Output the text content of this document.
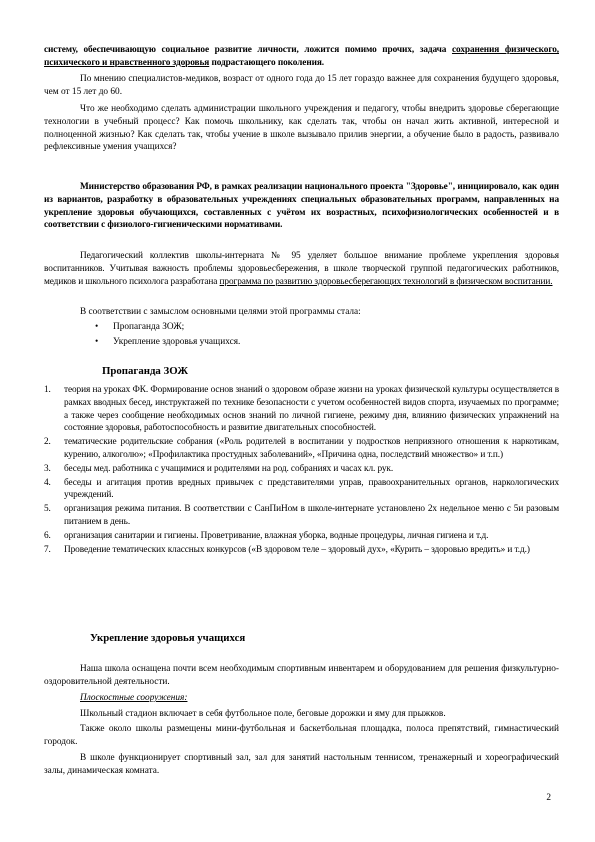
систему, обеспечивающую социальное развитие личности, ложится помимо прочих, задача сохранения физического, психического и нравственного здоровья подрастающего поколения.
По мнению специалистов-медиков, возраст от одного года до 15 лет гораздо важнее для сохранения будущего здоровья, чем от 15 лет до 60.
Что же необходимо сделать администрации школьного учреждения и педагогу, чтобы внедрить здоровье сберегающие технологии в учебный процесс? Как помочь школьнику, как сделать так, чтобы он начал жить активной, интересной и полноценной жизнью? Как сделать так, чтобы учение в школе вызывало прилив энергии, а обучение было в радость, развивало рефлексивные умения учащихся?
Министерство образования РФ, в рамках реализации национального проекта "Здоровье", инициировало, как один из вариантов, разработку в образовательных учреждениях специальных образовательных программ, направленных на укрепление здоровья обучающихся, составленных с учётом их возрастных, психофизиологических особенностей и в соответствии с физиолого-гигиеническими нормативами.
Педагогический коллектив школы-интерната № 95 уделяет большое внимание проблеме укрепления здоровья воспитанников. Учитывая важность проблемы здоровьесбережения, в школе творческой группой педагогических работников, медиков и школьного психолога разработана программа по развитию здоровьесберегающих технологий в физическом воспитании.
В соответствии с замыслом основными целями этой программы стала:
• Пропаганда ЗОЖ;
• Укрепление здоровья учащихся.
Пропаганда ЗОЖ
1. теория на уроках ФК. Формирование основ знаний о здоровом образе жизни на уроках физической культуры осуществляется в рамках вводных бесед, инструктажей по технике безопасности с учетом особенностей видов спорта, изучаемых по программе; а также через сообщение необходимых основ знаний по личной гигиене, режиму дня, влиянию физических упражнений на состояние здоровья, работоспособность и развитие двигательных способностей.
2. тематические родительские собрания («Роль родителей в воспитании у подростков неприязного отношения к наркотикам, курению, алкоголю»; «Профилактика простудных заболеваний», «Причина одна, последствий множество» и т.п.)
3. беседы мед. работника с учащимися и родителями на род. собраниях и часах кл. рук.
4. беседы и агитация против вредных привычек с представителями управ, правоохранительных органов, наркологических учреждений.
5. организация режима питания. В соответствии с СанПиНом в школе-интернате установлено 2х недельное меню с 5и разовым питанием в день.
6. организация санитарии и гигиены. Проветривание, влажная уборка, водные процедуры, личная гигиена и т.д.
7. Проведение тематических классных конкурсов («В здоровом теле – здоровый дух», «Курить – здоровью вредить» и т.д.)
Укрепление здоровья учащихся
Наша школа оснащена почти всем необходимым спортивным инвентарем и оборудованием для решения физкультурно-оздоровительной деятельности.
Плоскостные сооружения:
Школьный стадион включает в себя футбольное поле, беговые дорожки и яму для прыжков.
Также около школы размещены мини-футбольная и баскетбольная площадка, полоса препятствий, гимнастический городок.
В школе функционирует спортивный зал, зал для занятий настольным теннисом, тренажерный и хореографический залы, динамическая комната.
2
